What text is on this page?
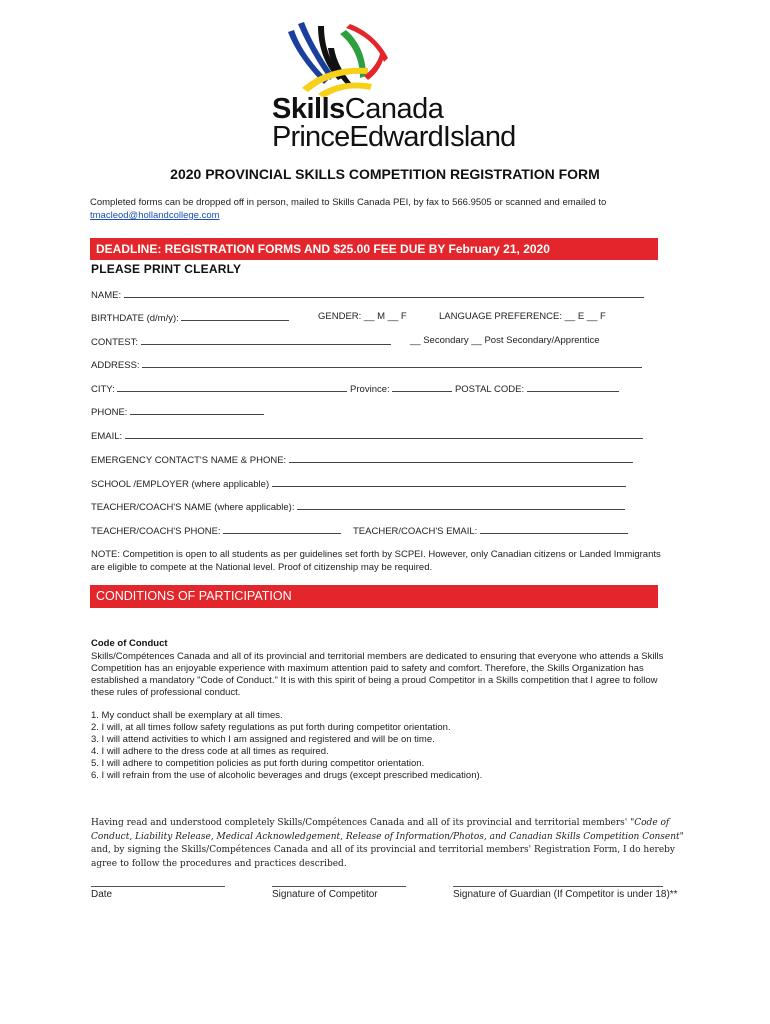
SkillsCanada
PrinceEdwardIsland
2020 PROVINCIAL SKILLS COMPETITION REGISTRATION FORM
Completed forms can be dropped off in person, mailed to Skills Canada PEI, by fax to 566.9505 or scanned and emailed to tmacleod@hollandcollege.com
DEADLINE: REGISTRATION FORMS AND $25.00 FEE DUE BY February 21, 2020
PLEASE PRINT CLEARLY
NAME:
BIRTHDATE (d/m/y):	GENDER: __ M __ F	LANGUAGE PREFERENCE: __ E __ F
CONTEST:	__ Secondary __ Post Secondary/Apprentice
ADDRESS:
CITY:	Province:	POSTAL CODE:
PHONE:
EMAIL:
EMERGENCY CONTACT'S NAME & PHONE:
SCHOOL /EMPLOYER (where applicable)
TEACHER/COACH'S NAME (where applicable):
TEACHER/COACH'S PHONE:	TEACHER/COACH'S EMAIL:
NOTE: Competition is open to all students as per guidelines set forth by SCPEI. However, only Canadian citizens or Landed Immigrants are eligible to compete at the National level. Proof of citizenship may be required.
CONDITIONS OF PARTICIPATION
Code of Conduct
Skills/Compétences Canada and all of its provincial and territorial members are dedicated to ensuring that everyone who attends a Skills Competition has an enjoyable experience with maximum attention paid to safety and comfort. Therefore, the Skills Organization has established a mandatory "Code of Conduct." It is with this spirit of being a proud Competitor in a Skills competition that I agree to follow these rules of professional conduct.
1. My conduct shall be exemplary at all times.
2. I will, at all times follow safety regulations as put forth during competitor orientation.
3. I will attend activities to which I am assigned and registered and will be on time.
4. I will adhere to the dress code at all times as required.
5. I will adhere to competition policies as put forth during competitor orientation.
6. I will refrain from the use of alcoholic beverages and drugs (except prescribed medication).
Having read and understood completely Skills/Compétences Canada and all of its provincial and territorial members' "Code of Conduct, Liability Release, Medical Acknowledgement, Release of Information/Photos, and Canadian Skills Competition Consent" and, by signing the Skills/Compétences Canada and all of its provincial and territorial members' Registration Form, I do hereby agree to follow the procedures and practices described.
Date	Signature of Competitor	Signature of Guardian (If Competitor is under 18)**
